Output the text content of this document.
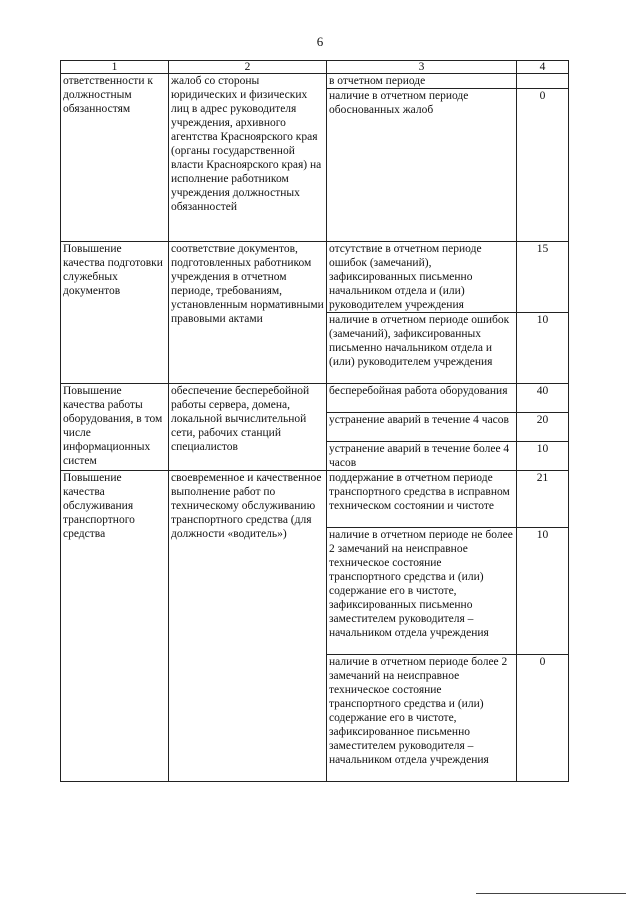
6
1	2	3	4
ответственности к должностным обязанностям	жалоб со стороны юридических и физических лиц в адрес руководителя учреждения, архивного агентства Красноярского края (органы государственной власти Красноярского края) на исполнение работником учреждения должностных обязанностей	в отчетном периоде	
		наличие в отчетном периоде обоснованных жалоб	0
Повышение качества подготовки служебных документов	соответствие документов, подготовленных работником учреждения в отчетном периоде, требованиям, установленным нормативными правовыми актами	отсутствие в отчетном периоде ошибок (замечаний), зафиксированных письменно начальником отдела и (или) руководителем учреждения	15
		наличие в отчетном периоде ошибок (замечаний), зафиксированных письменно начальником отдела и (или) руководителем учреждения	10
Повышение качества работы оборудования, в том числе информационных систем	обеспечение бесперебойной работы сервера, домена, локальной вычислительной сети, рабочих станций специалистов	бесперебойная работа оборудования	40
		устранение аварий в течение 4 часов	20
		устранение аварий в течение более 4 часов	10
Повышение качества обслуживания транспортного средства	своевременное и качественное выполнение работ по техническому обслуживанию транспортного средства (для должности «водитель»)	поддержание в отчетном периоде транспортного средства в исправном техническом состоянии и чистоте	21
		наличие в отчетном периоде не более 2 замечаний на неисправное техническое состояние транспортного средства и (или) содержание его в чистоте, зафиксированных письменно заместителем руководителя – начальником отдела учреждения	10
		наличие в отчетном периоде более 2 замечаний на неисправное техническое состояние транспортного средства и (или) содержание его в чистоте, зафиксированное письменно заместителем руководителя – начальником отдела учреждения	0
